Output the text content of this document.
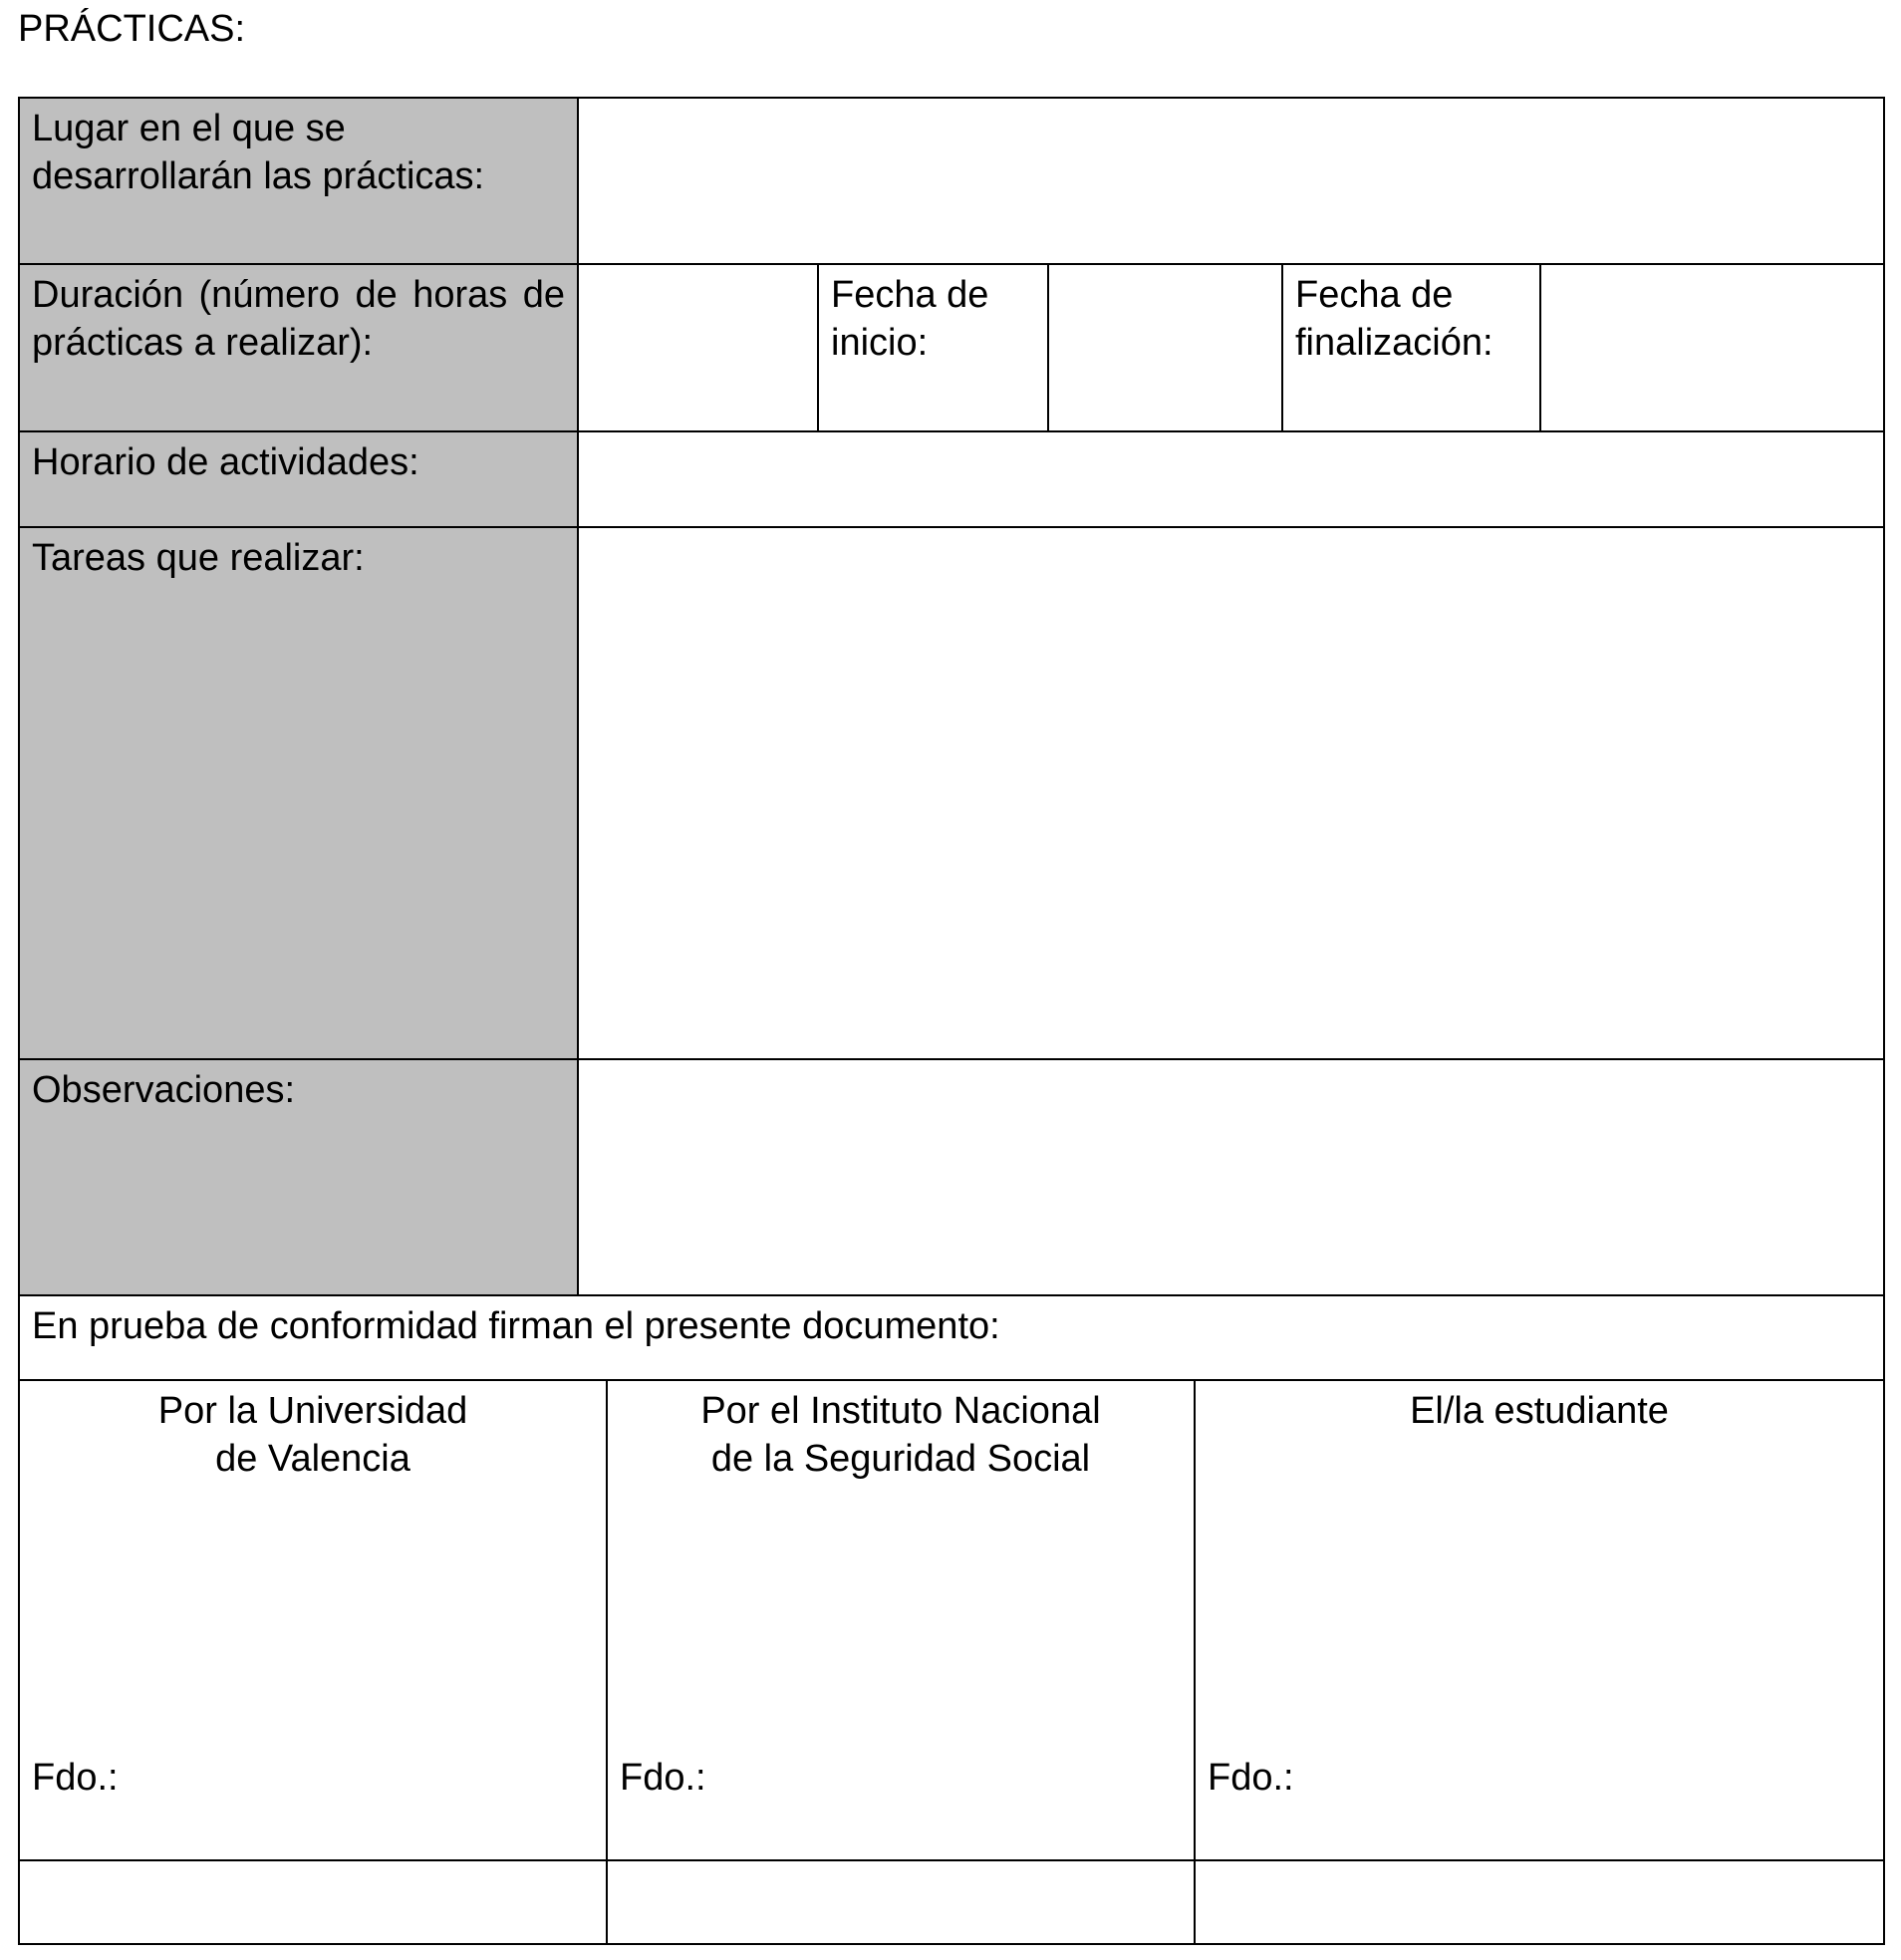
PRÁCTICAS:
Lugar en el que se
desarrollarán las prácticas:
Duración (número de horas de prácticas a realizar):
Fecha de
inicio:
Fecha de
finalización:
Horario de actividades:
Tareas que realizar:
Observaciones:
En prueba de conformidad firman el presente documento:
Por la Universidad
de Valencia
Fdo.:
Por el Instituto Nacional
de la Seguridad Social
Fdo.:
El/la estudiante
Fdo.:
